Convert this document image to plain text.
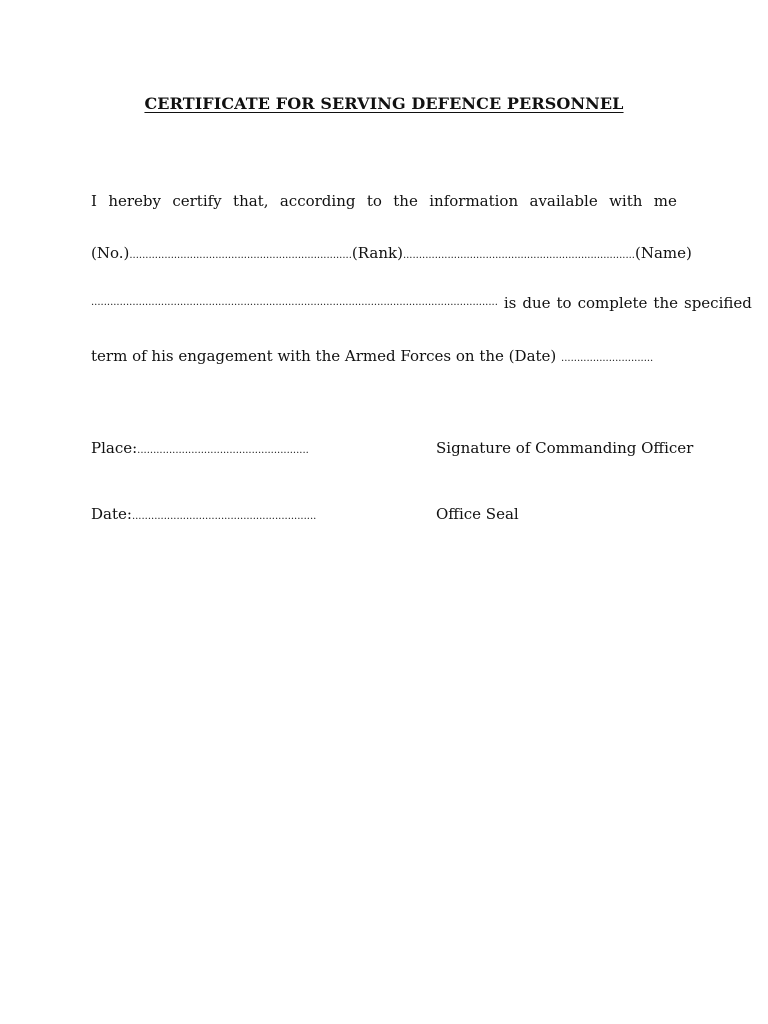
CERTIFICATE FOR SERVING DEFENCE PERSONNEL
I hereby certify that, according to the information available with me
(No.)...................................................................... (Rank)......................................................................... (Name)
................................................................................................................................ is due to complete the specified
term of his engagement with the Armed Forces on the (Date) .............................
Place:......................................................	Signature of Commanding Officer
Date:..........................................................	Office Seal
